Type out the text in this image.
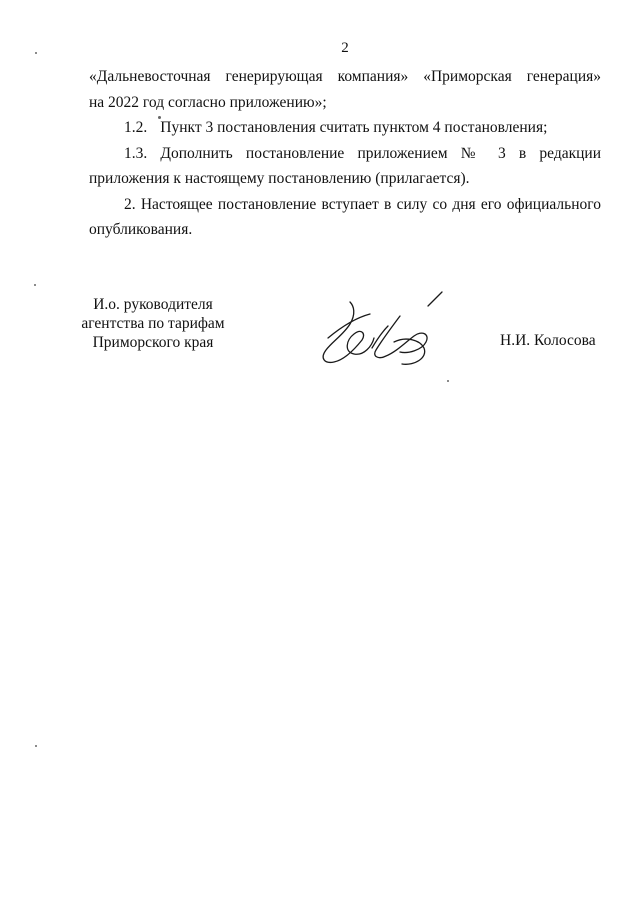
2

«Дальневосточная генерирующая компания» «Приморская генерация»
на 2022 год согласно приложению»;

1.2. Пункт 3 постановления считать пунктом 4 постановления;

1.3. Дополнить постановление приложением № 3 в редакции
приложения к настоящему постановлению (прилагается).

2. Настоящее постановление вступает в силу со дня его официального
опубликования.

И.о. руководителя
агентства по тарифам
Приморского края	Н.И. Колосова
